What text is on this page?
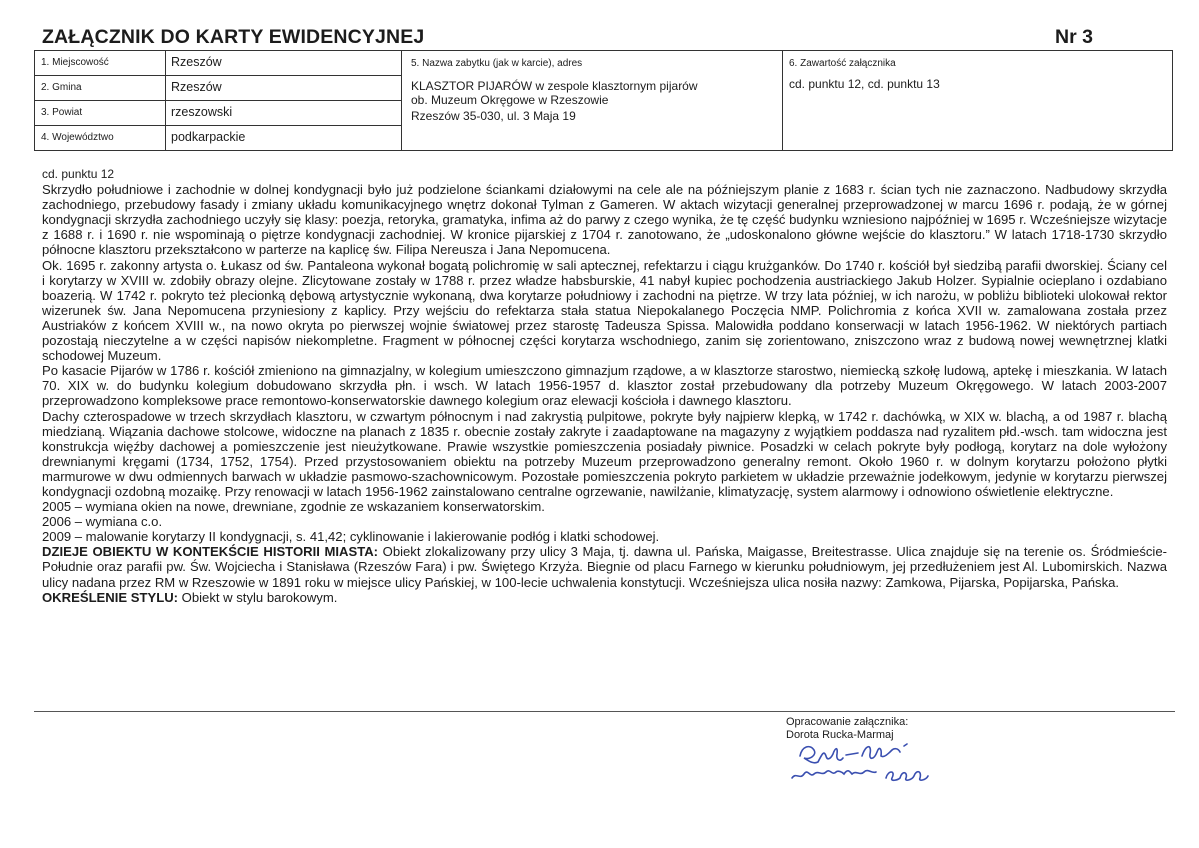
ZAŁĄCZNIK DO KARTY EWIDENCYJNEJ	Nr 3
1. Miejscowość	Rzeszów
2. Gmina	Rzeszów
3. Powiat	rzeszowski
4. Województwo	podkarpackie
5. Nazwa zabytku (jak w karcie), adres
KLASZTOR PIJARÓW w zespole klasztornym pijarów
ob. Muzeum Okręgowe w Rzeszowie
Rzeszów 35-030, ul. 3 Maja 19
6. Zawartość załącznika
cd. punktu 12, cd. punktu 13

cd. punktu 12

Skrzydło południowe i zachodnie w dolnej kondygnacji było już podzielone ściankami działowymi na cele ale na późniejszym planie z 1683 r. ścian tych nie zaznaczono. Nadbudowy skrzydła zachodniego, przebudowy fasady i zmiany układu komunikacyjnego wnętrz dokonał Tylman z Gameren. W aktach wizytacji generalnej przeprowadzonej w marcu 1696 r. podają, że w górnej kondygnacji skrzydła zachodniego uczyły się klasy: poezja, retoryka, gramatyka, infima aż do parwy z czego wynika, że tę część budynku wzniesiono najpóźniej w 1695 r. Wcześniejsze wizytacje z 1688 r. i 1690 r. nie wspominają o piętrze kondygnacji zachodniej. W kronice pijarskiej z 1704 r. zanotowano, że „udoskonalono główne wejście do klasztoru.” W latach 1718-1730 skrzydło północne klasztoru przekształcono w parterze na kaplicę św. Filipa Nereusza i Jana Nepomucena.

Ok. 1695 r. zakonny artysta o. Łukasz od św. Pantaleona wykonał bogatą polichromię w sali aptecznej, refektarzu i ciągu krużganków. Do 1740 r. kościół był siedzibą parafii dworskiej. Ściany cel i korytarzy w XVIII w. zdobiły obrazy olejne. Zlicytowane zostały w 1788 r. przez władze habsburskie, 41 nabył kupiec pochodzenia austriackiego Jakub Holzer. Sypialnie ocieplano i ozdabiano boazerią. W 1742 r. pokryto też plecionką dębową artystycznie wykonaną, dwa korytarze południowy i zachodni na piętrze. W trzy lata później, w ich narożu, w pobliżu biblioteki ulokował rektor wizerunek św. Jana Nepomucena przyniesiony z kaplicy. Przy wejściu do refektarza stała statua Niepokalanego Poczęcia NMP. Polichromia z końca XVII w. zamalowana została przez Austriaków z końcem XVIII w., na nowo okryta po pierwszej wojnie światowej przez starostę Tadeusza Spissa. Malowidła poddano konserwacji w latach 1956-1962. W niektórych partiach pozostają nieczytelne a w części napisów niekompletne. Fragment w północnej części korytarza wschodniego, zanim się zorientowano, zniszczono wraz z budową nowej wewnętrznej klatki schodowej Muzeum.

Po kasacie Pijarów w 1786 r. kościół zmieniono na gimnazjalny, w kolegium umieszczono gimnazjum rządowe, a w klasztorze starostwo, niemiecką szkołę ludową, aptekę i mieszkania. W latach 70. XIX w. do budynku kolegium dobudowano skrzydła płn. i wsch. W latach 1956-1957 d. klasztor został przebudowany dla potrzeby Muzeum Okręgowego. W latach 2003-2007 przeprowadzono kompleksowe prace remontowo-konserwatorskie dawnego kolegium oraz elewacji kościoła i dawnego klasztoru.

Dachy czterospadowe w trzech skrzydłach klasztoru, w czwartym północnym i nad zakrystią pulpitowe, pokryte były najpierw klepką, w 1742 r. dachówką, w XIX w. blachą, a od 1987 r. blachą miedzianą. Wiązania dachowe stolcowe, widoczne na planach z 1835 r. obecnie zostały zakryte i zaadaptowane na magazyny z wyjątkiem poddasza nad ryzalitem płd.-wsch. tam widoczna jest konstrukcja więźby dachowej a pomieszczenie jest nieużytkowane. Prawie wszystkie pomieszczenia posiadały piwnice. Posadzki w celach pokryte były podłogą, korytarz na dole wyłożony drewnianymi kręgami (1734, 1752, 1754). Przed przystosowaniem obiektu na potrzeby Muzeum przeprowadzono generalny remont. Około 1960 r. w dolnym korytarzu położono płytki marmurowe w dwu odmiennych barwach w układzie pasmowo-szachownicowym. Pozostałe pomieszczenia pokryto parkietem w układzie przeważnie jodełkowym, jedynie w korytarzu pierwszej kondygnacji ozdobną mozaikę. Przy renowacji w latach 1956-1962 zainstalowano centralne ogrzewanie, nawilżanie, klimatyzację, system alarmowy i odnowiono oświetlenie elektryczne.

2005 – wymiana okien na nowe, drewniane, zgodnie ze wskazaniem konserwatorskim.

2006 – wymiana c.o.

2009 – malowanie korytarzy II kondygnacji, s. 41,42; cyklinowanie i lakierowanie podłóg i klatki schodowej.

DZIEJE OBIEKTU W KONTEKŚCIE HISTORII MIASTA: Obiekt zlokalizowany przy ulicy 3 Maja, tj. dawna ul. Pańska, Maigasse, Breitestrasse. Ulica znajduje się na terenie os. Śródmieście-Południe oraz parafii pw. Św. Wojciecha i Stanisława (Rzeszów Fara) i pw. Świętego Krzyża. Biegnie od placu Farnego w kierunku południowym, jej przedłużeniem jest Al. Lubomirskich. Nazwa ulicy nadana przez RM w Rzeszowie w 1891 roku w miejsce ulicy Pańskiej, w 100-lecie uchwalenia konstytucji. Wcześniejsza ulica nosiła nazwy: Zamkowa, Pijarska, Popijarska, Pańska.

OKREŚLENIE STYLU: Obiekt w stylu barokowym.

Opracowanie załącznika:
Dorota Rucka-Marmaj
